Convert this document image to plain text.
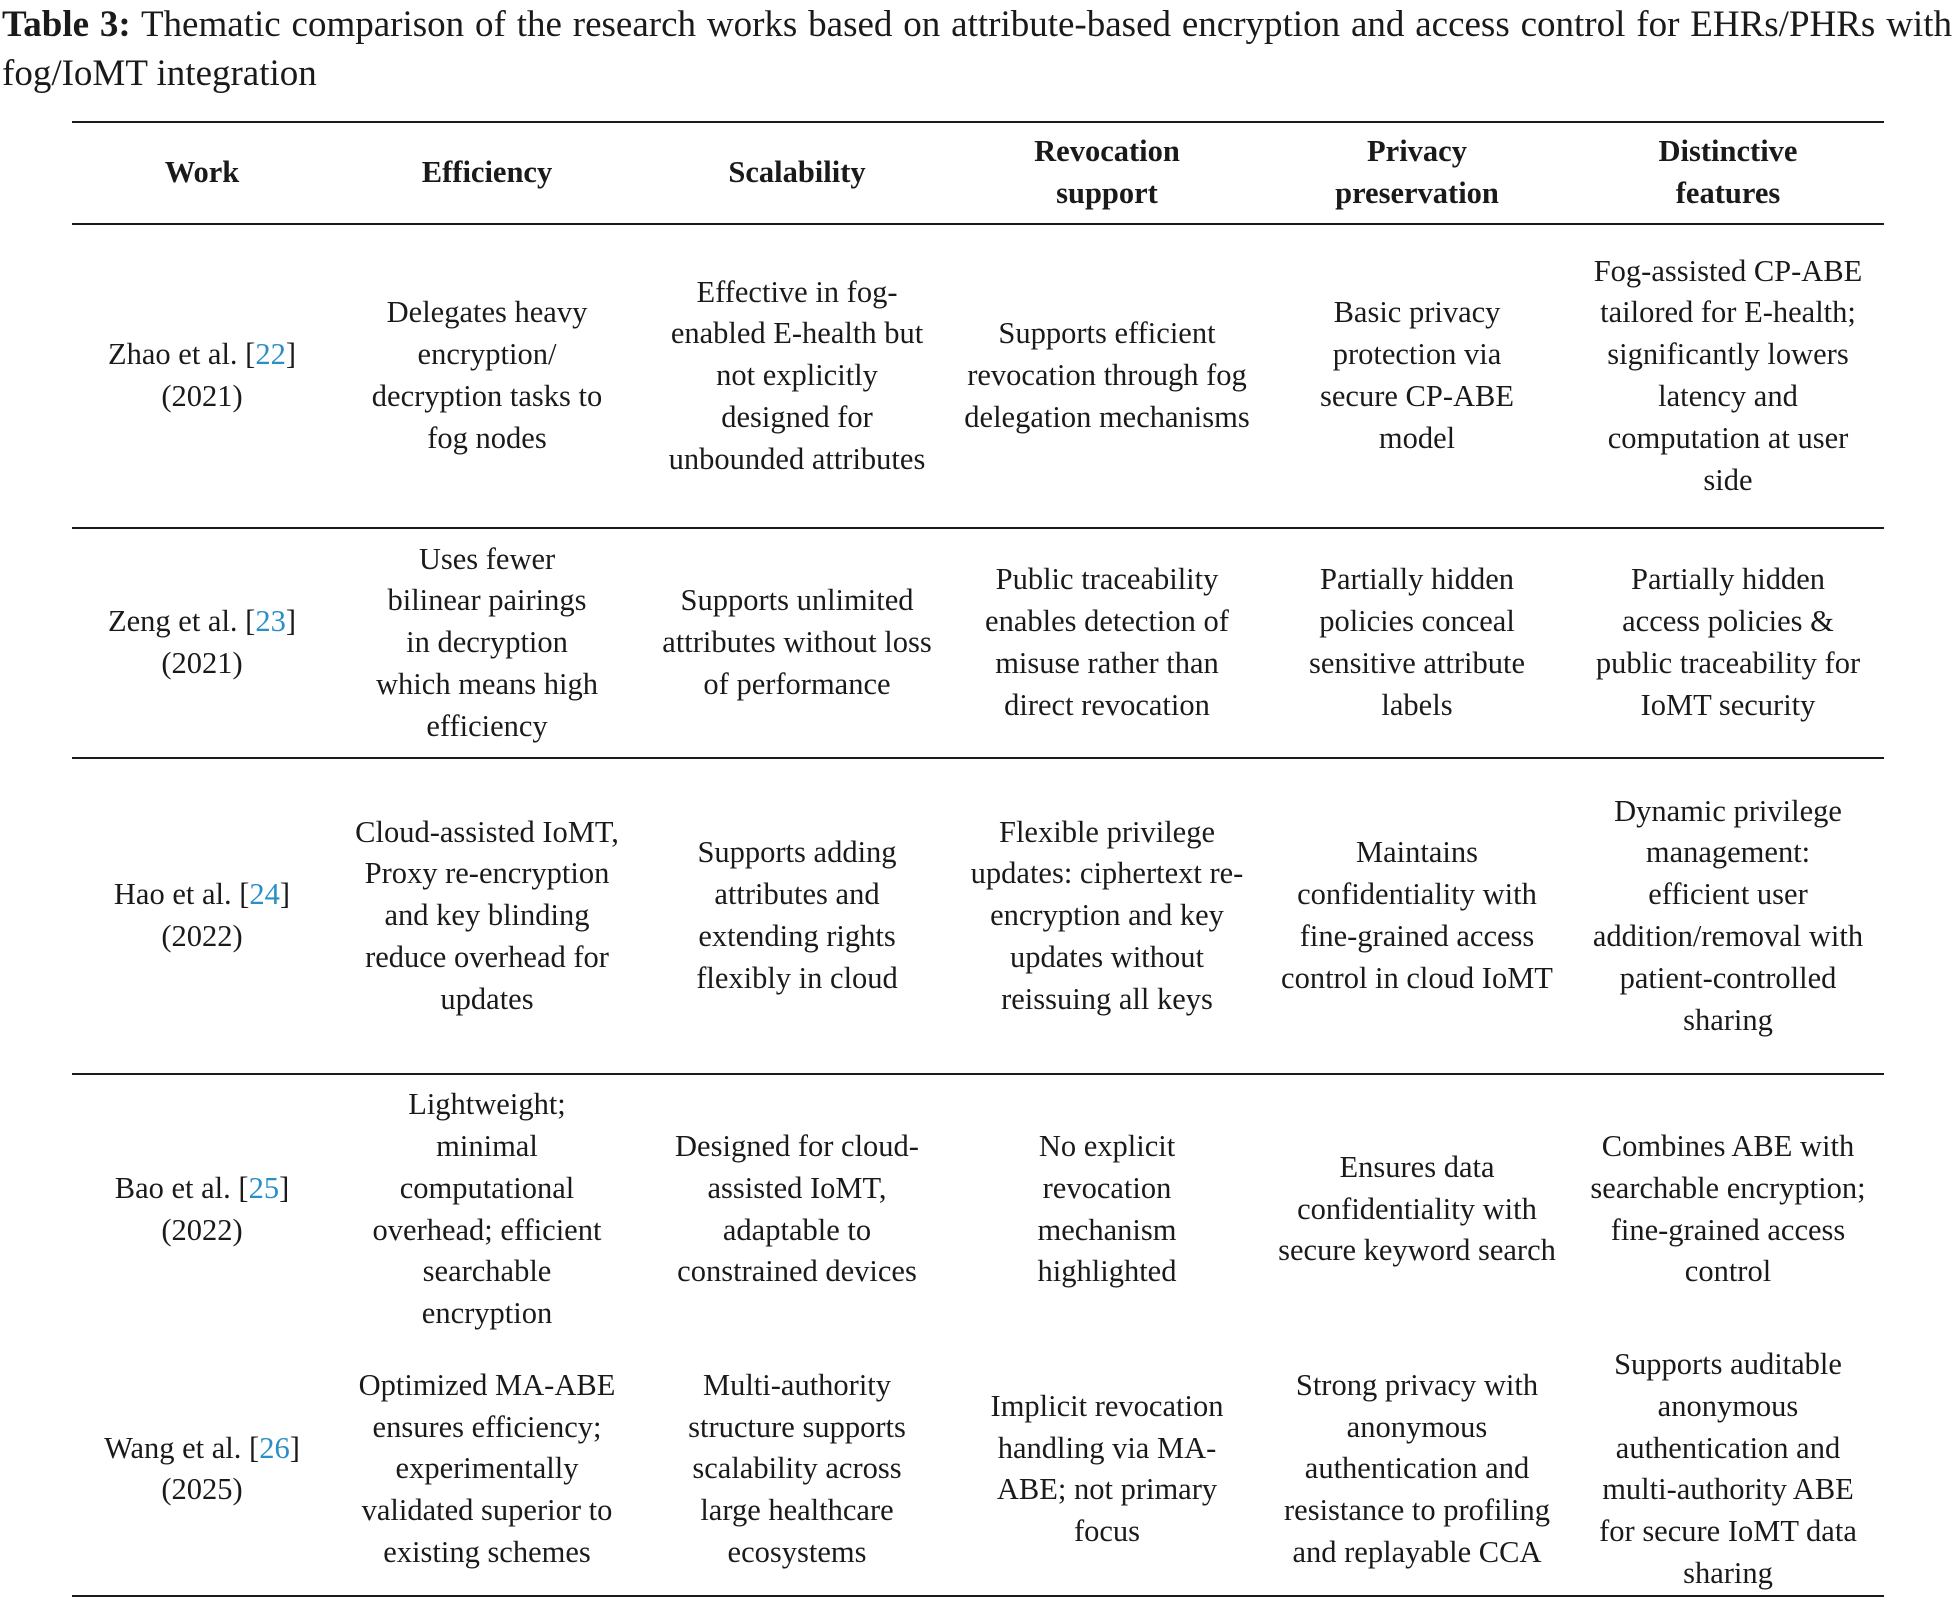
Table 3: Thematic comparison of the research works based on attribute-based encryption and access control for EHRs/PHRs with fog/IoMT integration
Work	Efficiency	Scalability	Revocation support	Privacy preservation	Distinctive features
Zhao et al. [22]
(2021)	Delegates heavy encryption/ decryption tasks to fog nodes	Effective in fog-enabled E-health but not explicitly designed for unbounded attributes	Supports efficient revocation through fog delegation mechanisms	Basic privacy protection via secure CP-ABE model	Fog-assisted CP-ABE tailored for E-health; significantly lowers latency and computation at user side
Zeng et al. [23]
(2021)	Uses fewer bilinear pairings in decryption which means high efficiency	Supports unlimited attributes without loss of performance	Public traceability enables detection of misuse rather than direct revocation	Partially hidden policies conceal sensitive attribute labels	Partially hidden access policies & public traceability for IoMT security
Hao et al. [24]
(2022)	Cloud-assisted IoMT, Proxy re-encryption and key blinding reduce overhead for updates	Supports adding attributes and extending rights flexibly in cloud	Flexible privilege updates: ciphertext re-encryption and key updates without reissuing all keys	Maintains confidentiality with fine-grained access control in cloud IoMT	Dynamic privilege management: efficient user addition/removal with patient-controlled sharing
Bao et al. [25]
(2022)	Lightweight; minimal computational overhead; efficient searchable encryption	Designed for cloud-assisted IoMT, adaptable to constrained devices	No explicit revocation mechanism highlighted	Ensures data confidentiality with secure keyword search	Combines ABE with searchable encryption; fine-grained access control
Wang et al. [26]
(2025)	Optimized MA-ABE ensures efficiency; experimentally validated superior to existing schemes	Multi-authority structure supports scalability across large healthcare ecosystems	Implicit revocation handling via MA-ABE; not primary focus	Strong privacy with anonymous authentication and resistance to profiling and replayable CCA	Supports auditable anonymous authentication and multi-authority ABE for secure IoMT data sharing
